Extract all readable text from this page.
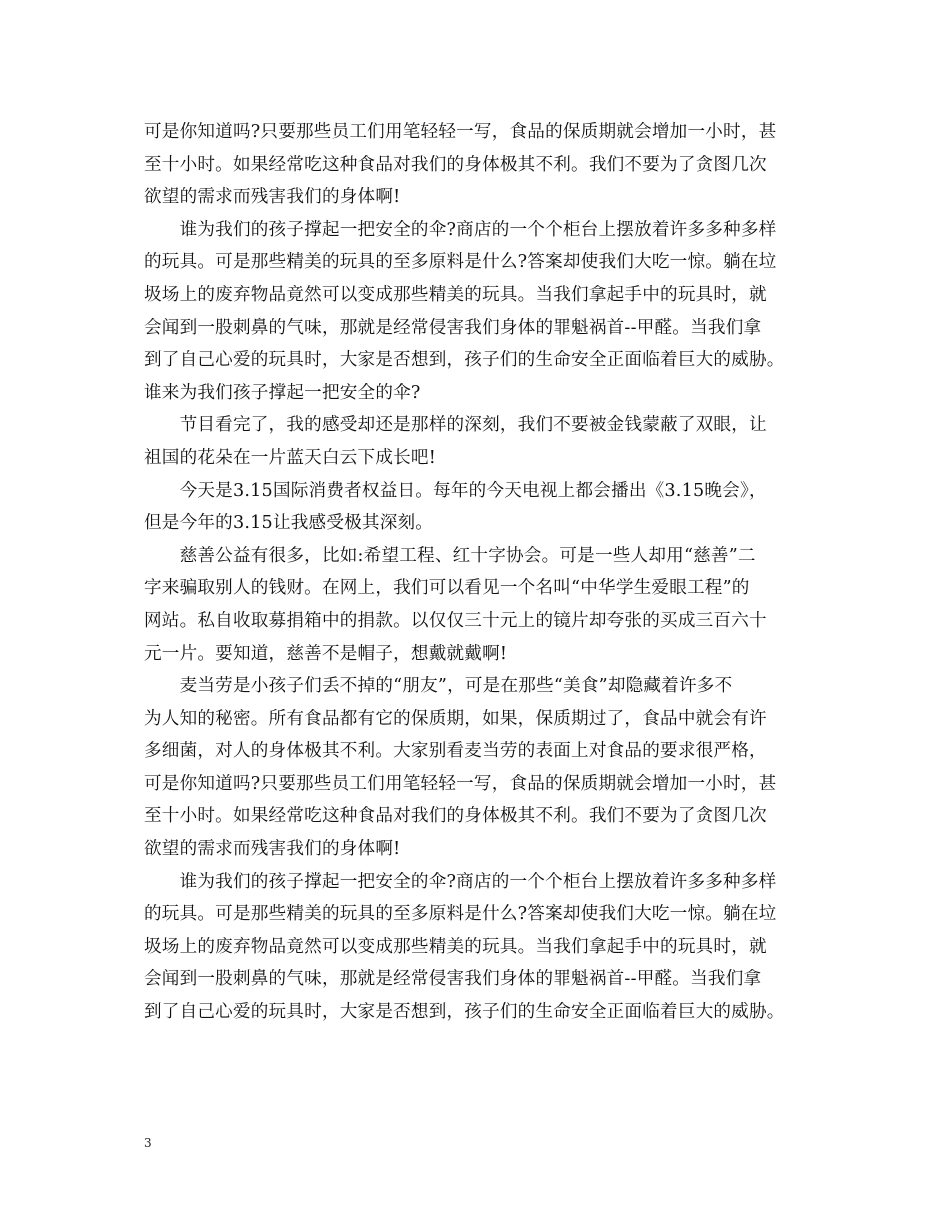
可是你知道吗?只要那些员工们用笔轻轻一写，食品的保质期就会增加一小时，甚
至十小时。如果经常吃这种食品对我们的身体极其不利。我们不要为了贪图几次
欲望的需求而残害我们的身体啊!
　　谁为我们的孩子撑起一把安全的伞?商店的一个个柜台上摆放着许多多种多样
的玩具。可是那些精美的玩具的至多原料是什么?答案却使我们大吃一惊。躺在垃
圾场上的废弃物品竟然可以变成那些精美的玩具。当我们拿起手中的玩具时，就
会闻到一股刺鼻的气味，那就是经常侵害我们身体的罪魁祸首--甲醛。当我们拿
到了自己心爱的玩具时，大家是否想到，孩子们的生命安全正面临着巨大的威胁。
谁来为我们孩子撑起一把安全的伞?
　　节目看完了，我的感受却还是那样的深刻，我们不要被金钱蒙蔽了双眼，让
祖国的花朵在一片蓝天白云下成长吧!
　　今天是3.15国际消费者权益日。每年的今天电视上都会播出《3.15晚会》，
但是今年的3.15让我感受极其深刻。
　　慈善公益有很多，比如:希望工程、红十字协会。可是一些人却用“慈善”二
字来骗取别人的钱财。在网上，我们可以看见一个名叫“中华学生爱眼工程”的
网站。私自收取募捐箱中的捐款。以仅仅三十元上的镜片却夸张的买成三百六十
元一片。要知道，慈善不是帽子，想戴就戴啊!
　　麦当劳是小孩子们丢不掉的“朋友”，可是在那些“美食”却隐藏着许多不
为人知的秘密。所有食品都有它的保质期，如果，保质期过了，食品中就会有许
多细菌，对人的身体极其不利。大家别看麦当劳的表面上对食品的要求很严格，
可是你知道吗?只要那些员工们用笔轻轻一写，食品的保质期就会增加一小时，甚
至十小时。如果经常吃这种食品对我们的身体极其不利。我们不要为了贪图几次
欲望的需求而残害我们的身体啊!
　　谁为我们的孩子撑起一把安全的伞?商店的一个个柜台上摆放着许多多种多样
的玩具。可是那些精美的玩具的至多原料是什么?答案却使我们大吃一惊。躺在垃
圾场上的废弃物品竟然可以变成那些精美的玩具。当我们拿起手中的玩具时，就
会闻到一股刺鼻的气味，那就是经常侵害我们身体的罪魁祸首--甲醛。当我们拿
到了自己心爱的玩具时，大家是否想到，孩子们的生命安全正面临着巨大的威胁。
3
